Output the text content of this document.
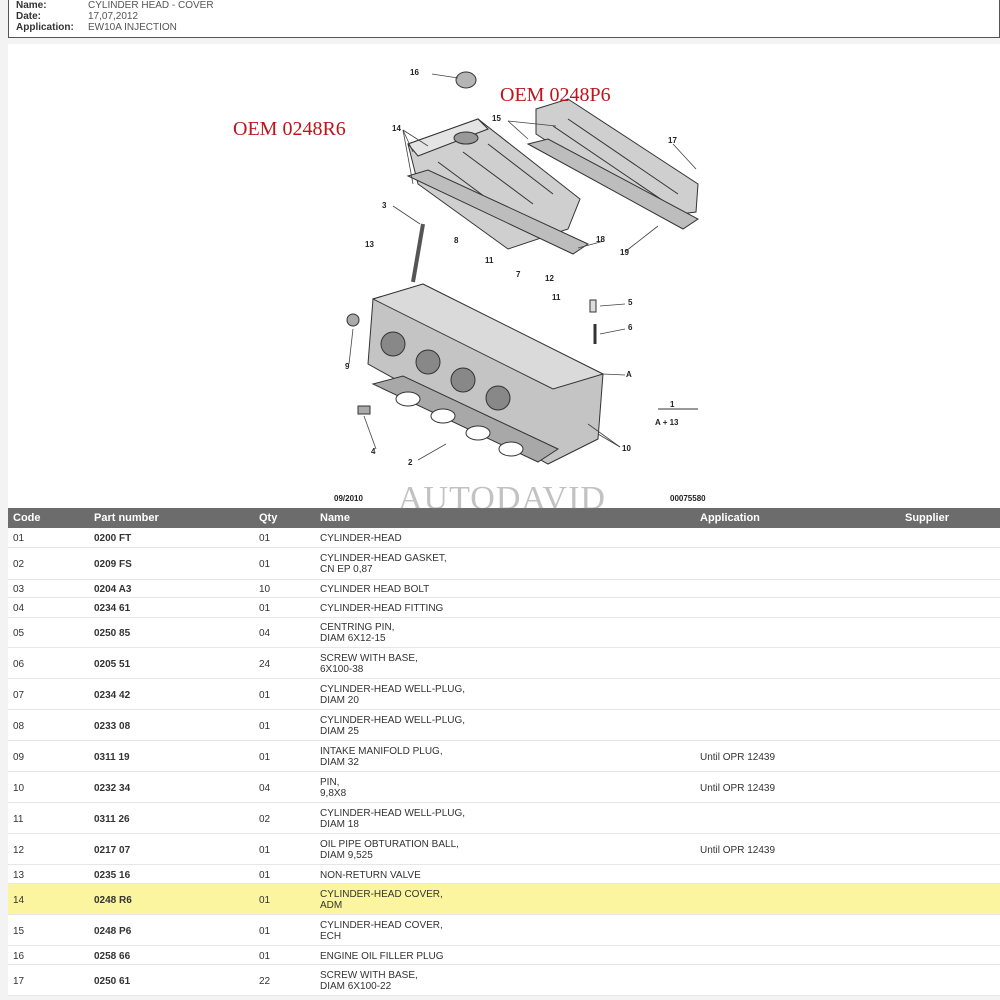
Name:	CYLINDER HEAD - COVER
Date:	17,07,2012
Application: EW10A INJECTION
16
14
15
17
3
8
13
11
7	12
11
18
19
5
6
9
A
1
A + 13
4
2
10
OEM 0248R6
OEM 0248P6
09/2010	00075580
Code	Part number	Qty	Name	Application	Supplier
01	0200 FT	01	CYLINDER-HEAD
02	0209 FS	01
CYLINDER-HEAD GASKET,
CN EP 0,87
03	0204 A3	10	CYLINDER HEAD BOLT
04	0234 61	01	CYLINDER-HEAD FITTING
05	0250 85	04
CENTRING PIN,
DIAM 6X12-15
06	0205 51	24
SCREW WITH BASE,
6X100-38
07	0234 42	01
CYLINDER-HEAD WELL-PLUG,
DIAM 20
08	0233 08	01
CYLINDER-HEAD WELL-PLUG,
DIAM 25
09	0311 19	01
INTAKE MANIFOLD PLUG,
DIAM 32	Until OPR 12439
10	0232 34	04
PIN,
9,8X8	Until OPR 12439
11	0311 26	02
CYLINDER-HEAD WELL-PLUG,
DIAM 18
12	0217 07	01
OIL PIPE OBTURATION BALL,
DIAM 9,525	Until OPR 12439
13	0235 16	01	NON-RETURN VALVE
14	0248 R6	01
CYLINDER-HEAD COVER,
ADM
15	0248 P6	01
CYLINDER-HEAD COVER,
ECH
16	0258 66	01	ENGINE OIL FILLER PLUG
17	0250 61	22
SCREW WITH BASE,
DIAM 6X100-22
AUTODAVID
